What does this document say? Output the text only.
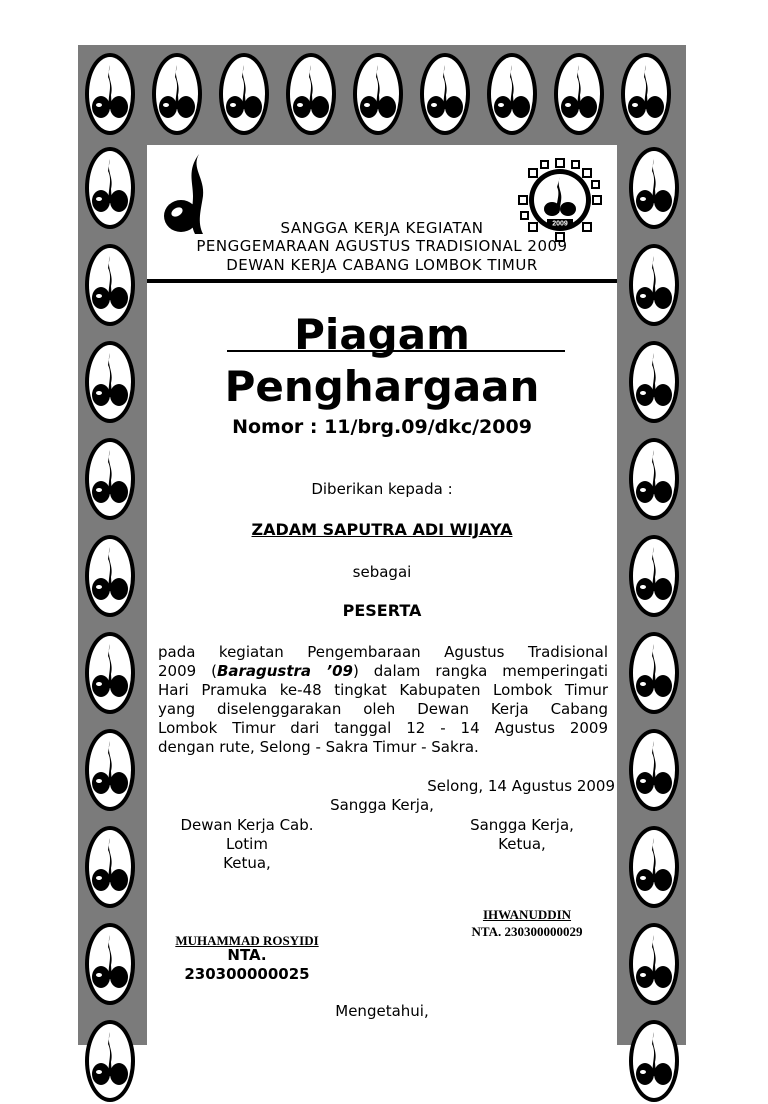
2009
SANGGA KERJA KEGIATAN
PENGGEMARAAN AGUSTUS TRADISIONAL 2009
DEWAN KERJA CABANG LOMBOK TIMUR
Piagam
Penghargaan
Nomor : 11/brg.09/dkc/2009
Diberikan kepada :
ZADAM SAPUTRA ADI WIJAYA
sebagai
PESERTA
pada kegiatan Pengembaraan Agustus Tradisional
2009 (Baragustra ’09) dalam rangka memperingati
Hari Pramuka ke-48 tingkat Kabupaten Lombok Timur
yang diselenggarakan oleh Dewan Kerja Cabang
Lombok Timur dari tanggal 12 - 14 Agustus 2009
dengan rute, Selong - Sakra Timur - Sakra.
Selong, 14 Agustus 2009
Sangga Kerja,
Dewan Kerja Cab.
Lotim
Ketua,
Sangga Kerja,
Ketua,
IHWANUDDIN
NTA. 230300000029
MUHAMMAD ROSYIDI
NTA.
230300000025
Mengetahui,
